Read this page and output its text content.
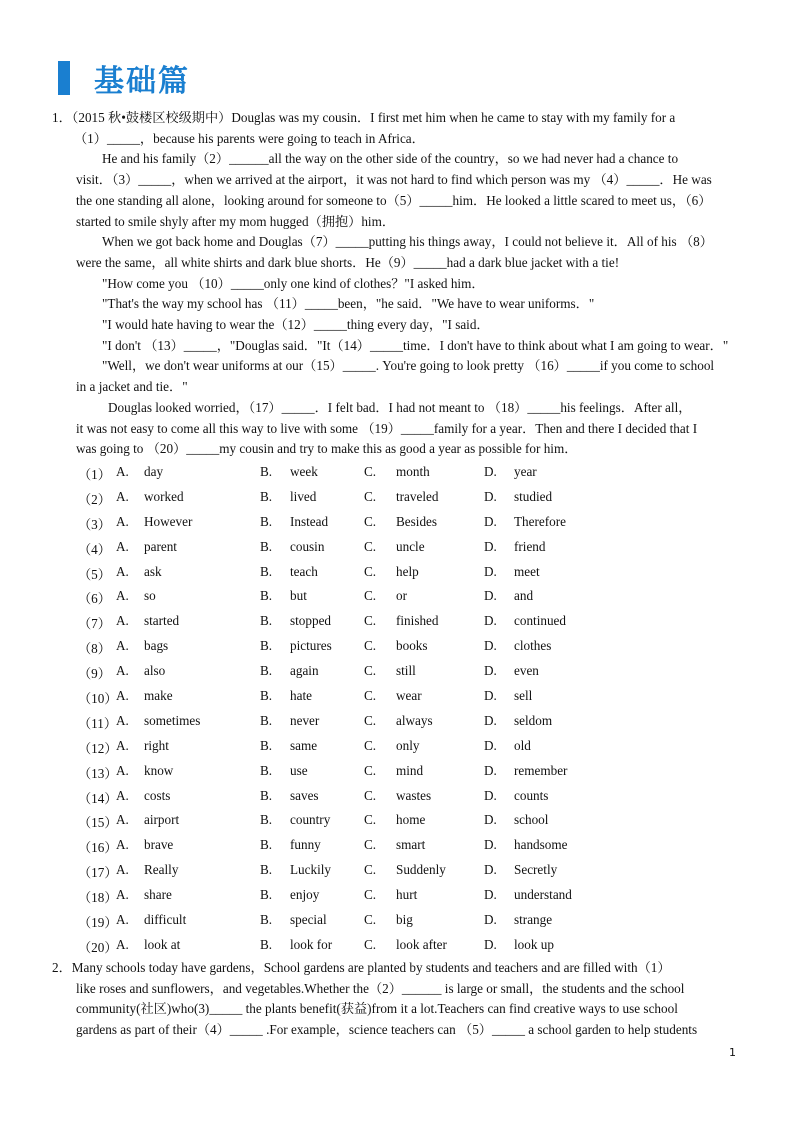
基础篇

1．（2015 秋•鼓楼区校级期中）Douglas was my cousin．I first met him when he came to stay with my family for a

（1）_____，because his parents were going to teach in Africa．

He and his family（2）______all the way on the other side of the country，so we had never had a chance to

visit．（3）_____，when we arrived at the airport，it was not hard to find which person was my （4）_____．He was

the one standing all alone，looking around for someone to（5）_____him．He looked a little scared to meet us，（6）

started to smile shyly after my mom hugged（拥抱）him．

When we got back home and Douglas（7）_____putting his things away，I could not believe it．All of his （8）

were the same，all white shirts and dark blue shorts．He（9）_____had a dark blue jacket with a tie!

"How come you （10）_____only one kind of clothes？"I asked him．

"That's the way my school has （11）_____been，"he said．"We have to wear uniforms．"

"I would hate having to wear the（12）_____thing every day，"I said．

"I don't （13）_____，"Douglas said．"It（14）_____time．I don't have to think about what I am going to wear．"

"Well，we don't wear uniforms at our（15）_____. You're going to look pretty （16）_____if you come to school

in a jacket and tie．"

Douglas looked worried，（17）_____．I felt bad．I had not meant to （18）_____his feelings．After all，

it was not easy to come all this way to live with some （19）_____family for a year．Then and there I decided that I

was going to （20）_____my cousin and try to make this as good a year as possible for him．

（1） A. day	B. week	C. month	D. year
（2） A. worked	B. lived	C. traveled	D. studied
（3） A. However	B. Instead	C. Besides	D. Therefore
（4） A. parent	B. cousin	C. uncle	D. friend
（5） A. ask	B. teach	C. help	D. meet
（6） A. so	B. but	C. or	D. and
（7） A. started	B. stopped C. finished	D. continued
（8） A. bags	B. pictures C. books	D. clothes
（9） A. also	B. again	C. still	D. even
（10）
A. make	B. hate	C. wear	D. sell
（11）
A. sometimes	B. never	C. always	D. seldom
（12）
A. right	B. same	C. only	D. old
（13）
A. know	B. use	C. mind	D. remember
（14）
A. costs	B. saves	C. wastes	D. counts
（15）
A. airport	B. country	C. home	D. school
（16）
A. brave	B. funny	C. smart	D. handsome
（17）
A. Really	B. Luckily C. Suddenly	D. Secretly
（18）
A. share	B. enjoy	C. hurt	D. understand
（19）
A. difficult	B. special	C. big	D. strange
（20）
A. look at	B. look for C. look after	D. look up

2．Many schools today have gardens，School gardens are planted by students and teachers and are filled with（1）

like roses and sunflowers，and vegetables.Whether the（2）______ is large or small，the students and the school

community(社区)who(3)_____ the plants benefit(获益)from it a lot.Teachers can find creative ways to use school

gardens as part of their（4）_____ .For example，science teachers can （5）_____ a school garden to help students

1
